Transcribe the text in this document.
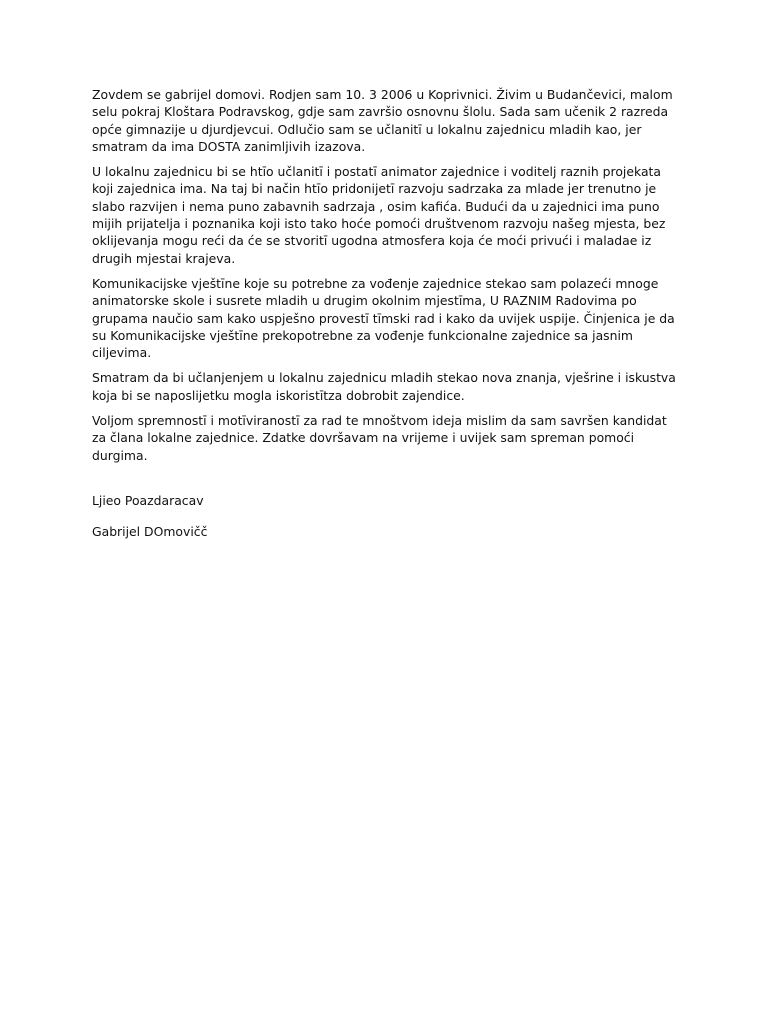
Zovdem se gabrijel domovi. Rodjen sam 10. 3 2006 u Koprivnici. Živim u Budančevici, malom selu pokraj Kloštara Podravskog, gdje sam završio osnovnu šlolu. Sada sam učenik 2 razreda opće gimnazije u djurdjevcui. Odlučio sam se učlanitī u lokalnu zajednicu mladih kao, jer smatram da ima DOSTA zanimljivih izazova.

U lokalnu zajednicu bi se htīo učlanitī i postatī animator zajednice i voditelj raznih projekata koji zajednica ima. Na taj bi način htīo pridonijetī razvoju sadrzaka za mlade jer trenutno je slabo razvijen i nema puno zabavnih sadrzaja , osim kafića. Budući da u zajednici ima puno mijih prijatelja i poznanika koji isto tako hoće pomoći društvenom razvoju našeg mjesta, bez oklijevanja mogu reći da će se stvoritī ugodna atmosfera koja će moći privući i maladae iz drugih mjestai krajeva.

Komunikacijske vještīne koje su potrebne za vođenje zajednice stekao sam polazeći mnoge animatorske skole i susrete mladih u drugim okolnim mjestīma, U RAZNIM Radovima po grupama naučio sam kako uspješno provestī tīmski rad i kako da uvijek uspije. Činjenica je da su Komunikacijske vještīne prekopotrebne za vođenje funkcionalne zajednice sa jasnim ciljevima.

Smatram da bi učlanjenjem u lokalnu zajednicu mladih stekao nova znanja, vješrine i iskustva koja bi se naposlijetku mogla iskoristītza dobrobit zajendice.

Voljom spremnostī i motīviranostī za rad te mnoštvom ideja mislim da sam savršen kandidat za člana lokalne zajednice. Zdatke dovršavam na vrijeme i uvijek sam spreman pomoći durgima.

Ljieo Poazdaracav

Gabrijel DOmovičč
